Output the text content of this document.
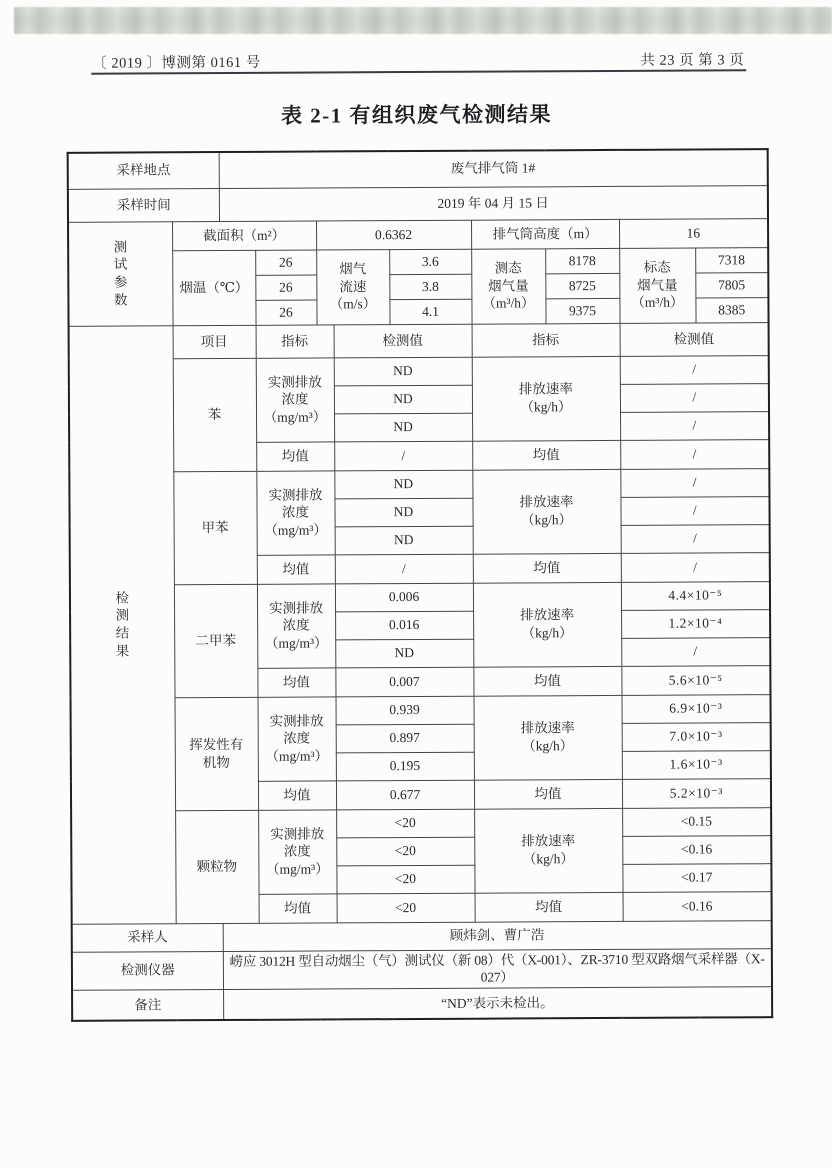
〔 2019 〕博测第 0161 号	共 23 页 第 3 页
表 2-1 有组织废气检测结果
采样地点		废气排气筒 1#								
采样时间		2019 年 04 月 15 日								
测
试
参
数	截面积（m²）			0.6362			排气筒高度（m）		16	
	烟温（℃）		26	烟气
流速
（m/s）		3.6	测态
烟气量
（m³/h）	8178	标态
烟气量
（m³/h）	7318
			26			3.8		8725		7805
			26			4.1		9375		8385
检
测
结
果	项目		指标		检测值		指标		检测值	
	苯		实测排放
浓度
（mg/m³）		ND		排放速率
（kg/h）		/	
					ND				/	
					ND				/	
			均值		/		均值		/	
	甲苯		实测排放
浓度
（mg/m³）		ND		排放速率
（kg/h）		/	
					ND				/	
					ND				/	
			均值		/		均值		/	
	二甲苯		实测排放
浓度
（mg/m³）		0.006		排放速率
（kg/h）		4.4×10⁻⁵	
					0.016				1.2×10⁻⁴	
					ND				/	
			均值		0.007		均值		5.6×10⁻⁵	
	挥发性有
机物		实测排放
浓度
（mg/m³）		0.939		排放速率
（kg/h）		6.9×10⁻³	
					0.897				7.0×10⁻³	
					0.195				1.6×10⁻³	
			均值		0.677		均值		5.2×10⁻³	
	颗粒物		实测排放
浓度
（mg/m³）		<20		排放速率
（kg/h）		<0.15	
					<20				<0.16	
					<20				<0.17	
			均值		<20		均值		<0.16	
采样人		顾炜剑、曹广浩								
检测仪器		崂应 3012H 型自动烟尘（气）测试仪（新 08）代（X-001）、ZR-3710 型双路烟气采样器（X-027）								
备注		“ND”表示未检出。								
